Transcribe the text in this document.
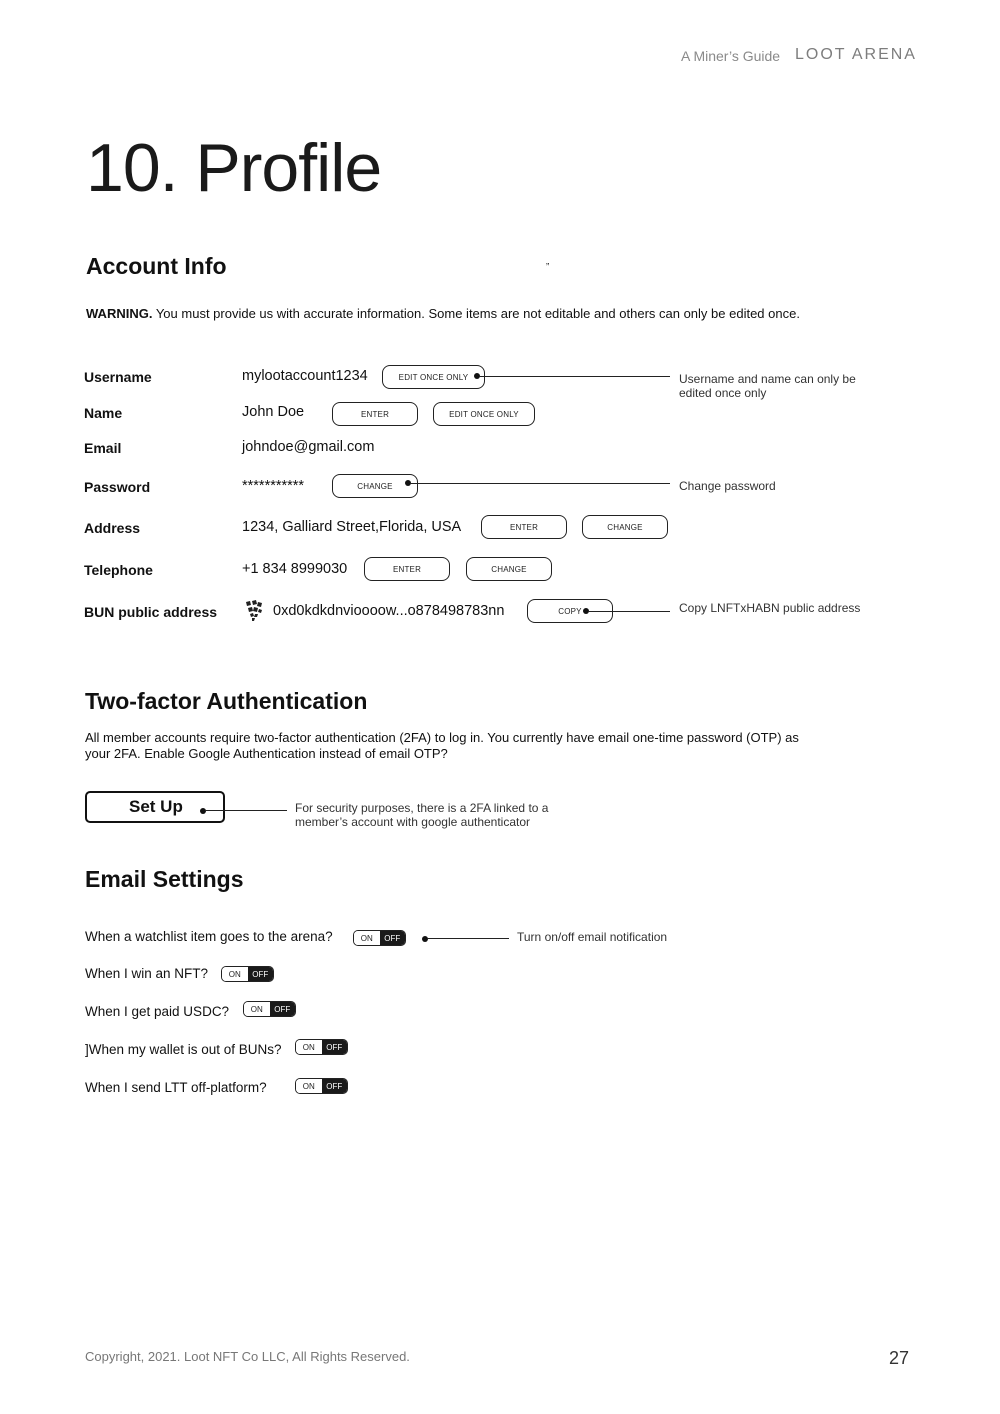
A Miner’s Guide LOOT ARENA
10. Profile
Account Info	”
WARNING. You must provide us with accurate information. Some items are not editable and others can only be edited once.
Username	mylootaccount1234	EDIT ONCE ONLY	Username and name can only be edited once only
Name	John Doe	ENTER	EDIT ONCE ONLY
Email	johndoe@gmail.com
Password	***********	CHANGE	Change password
Address	1234, Galliard Street,Florida, USA	ENTER	CHANGE
Telephone	+1 834 8999030	ENTER	CHANGE
BUN public address	0xd0kdkdnvioooow...o878498783nn	COPY	Copy LNFTxHABN public address
Two-factor Authentication
All member accounts require two-factor authentication (2FA) to log in. You currently have email one-time password (OTP) as your 2FA. Enable Google Authentication instead of email OTP?
Set Up	For security purposes, there is a 2FA linked to a member’s account with google authenticator
Email Settings
When a watchlist item goes to the arena?	ON	OFF	Turn on/off email notification
When I win an NFT?	ON	OFF
When I get paid USDC?	ON	OFF
]When my wallet is out of BUNs?	ON	OFF
When I send LTT off-platform?	ON	OFF
Copyright, 2021. Loot NFT Co LLC, All Rights Reserved.	27
